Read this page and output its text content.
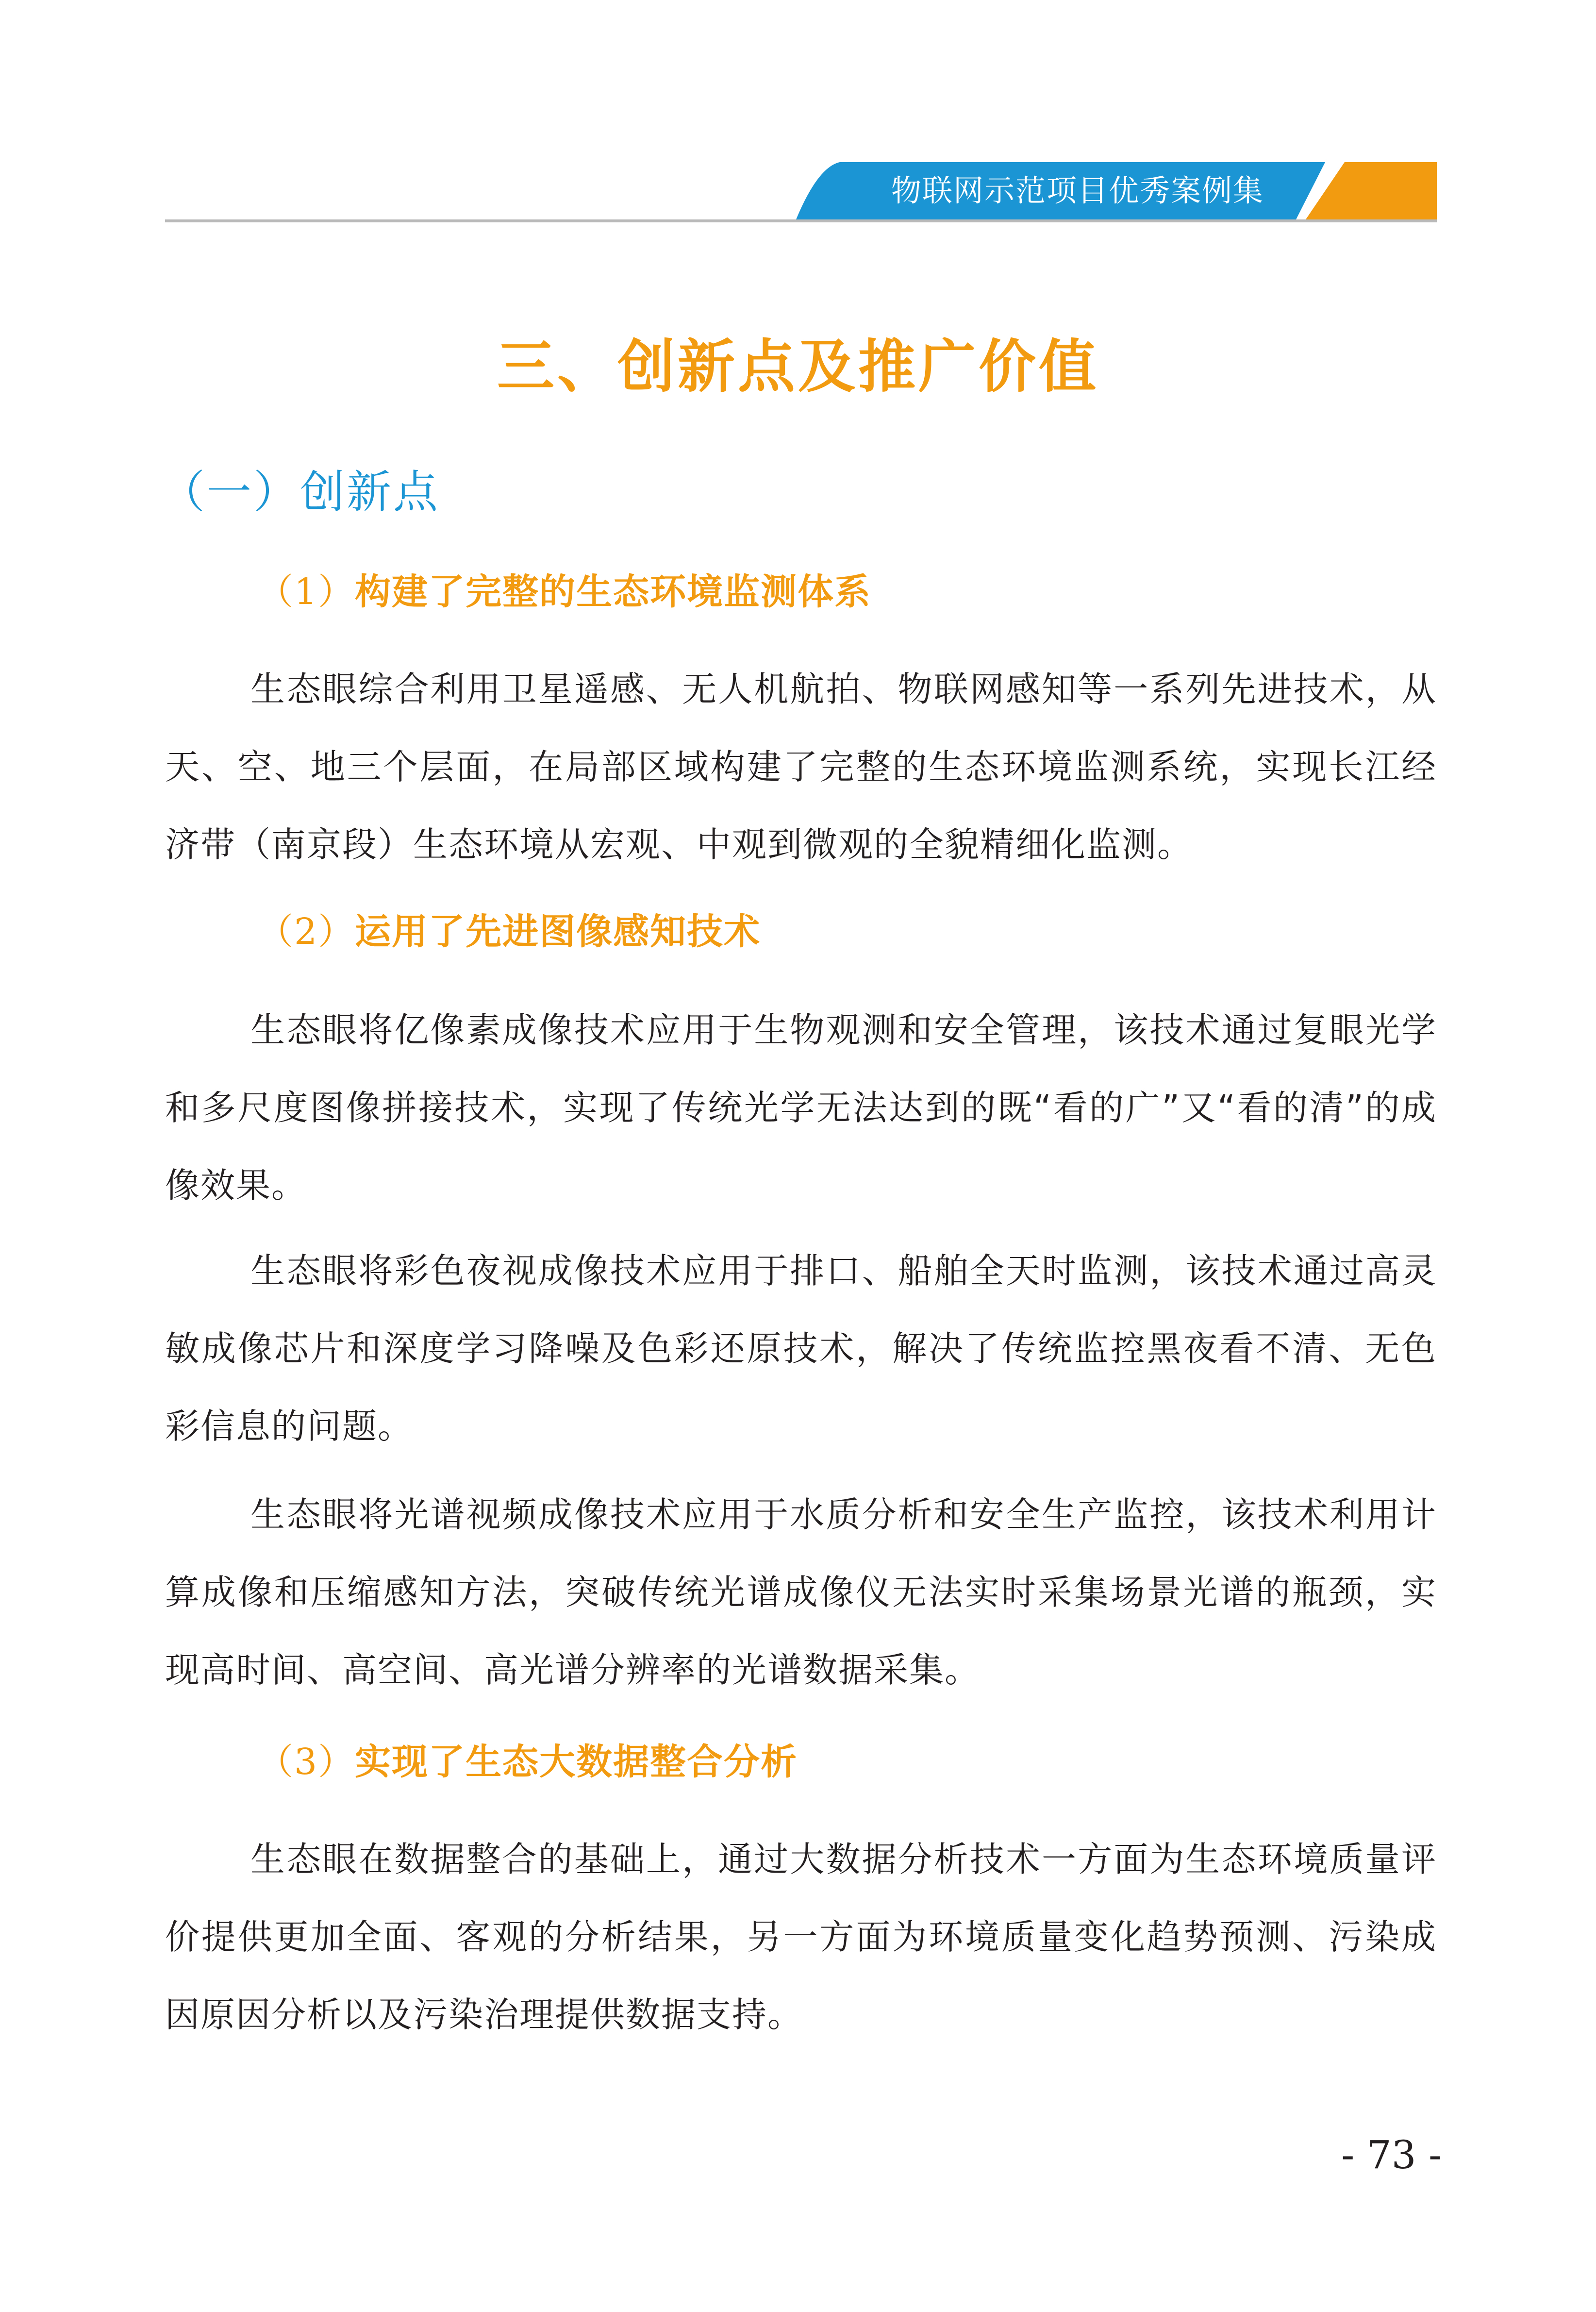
物联网示范项目优秀案例集
三、创新点及推广价值
（一）创新点
（1）构建了完整的生态环境监测体系

生态眼综合利用卫星遥感、无人机航拍、物联网感知等一系列先进技术，从天、空、地三个层面，在局部区域构建了完整的生态环境监测系统，实现长江经济带（南京段）生态环境从宏观、中观到微观的全貌精细化监测。

（2）运用了先进图像感知技术

生态眼将亿像素成像技术应用于生物观测和安全管理，该技术通过复眼光学和多尺度图像拼接技术，实现了传统光学无法达到的既“看的广”又“看的清”的成像效果。

生态眼将彩色夜视成像技术应用于排口、船舶全天时监测，该技术通过高灵敏成像芯片和深度学习降噪及色彩还原技术，解决了传统监控黑夜看不清、无色彩信息的问题。

生态眼将光谱视频成像技术应用于水质分析和安全生产监控，该技术利用计算成像和压缩感知方法，突破传统光谱成像仪无法实时采集场景光谱的瓶颈，实现高时间、高空间、高光谱分辨率的光谱数据采集。

（3）实现了生态大数据整合分析

生态眼在数据整合的基础上，通过大数据分析技术一方面为生态环境质量评价提供更加全面、客观的分析结果，另一方面为环境质量变化趋势预测、污染成因原因分析以及污染治理提供数据支持。

- 73 -
